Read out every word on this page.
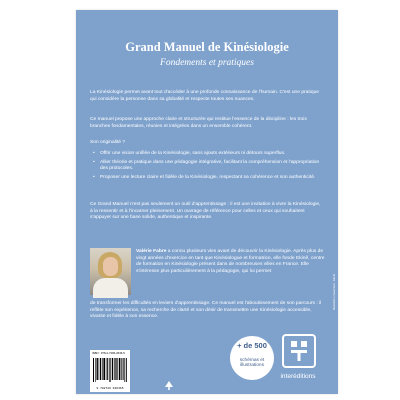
Grand Manuel de Kinésiologie
Fondements et pratiques

La Kinésiologie permet avant tout d'accéder à une profonde connaissance de l'humain. C'est une pratique qui considère la personne dans sa globalité et respecte toutes ses nuances.

Ce manuel propose une approche claire et structurée qui restitue l'essence de la discipline : les trois branches fondamentales, réunies et intégrées dans un ensemble cohérent.

Son originalité ?

• Offrir une vision unifiée de la Kinésiologie, sans ajouts extérieurs ni détours superflus.
• Allier théorie et pratique dans une pédagogie intégrative, facilitant la compréhension et l'appropriation des protocoles.
• Proposer une lecture claire et fidèle de la Kinésiologie, respectant sa cohérence et son authenticité.

Ce Grand Manuel n'est pas seulement un outil d'apprentissage : il est une invitation à vivre la Kinésiologie, à la ressentir et à l'incarner pleinement. Un ouvrage de référence pour celles et ceux qui souhaitent s'appuyer sur une base solide, authentique et inspirante.

Valérie Fabre a connu plusieurs vies avant de découvrir la Kinésiologie. Après plus de vingt années d'exercice en tant que Kinésiologue et formatrice, elle fonde Ekinê, centre de formation en Kinésiologie présent dans de nombreuses villes en France. Elle s'intéresse plus particulièrement à la pédagogie, qui lui permet

de transformer les difficultés en leviers d'apprentissage. Ce manuel est l'aboutissement de son parcours : il reflète son expérience, sa recherche de clarté et son désir de transmettre une Kinésiologie accessible, vivante et fidèle à son essence.

ISBN : 978-2-7296-2636-5
9 782729 626365
PEFC
+ de 500
schémas et illustrations
interéditions
Illustration couverture : Ekinê
